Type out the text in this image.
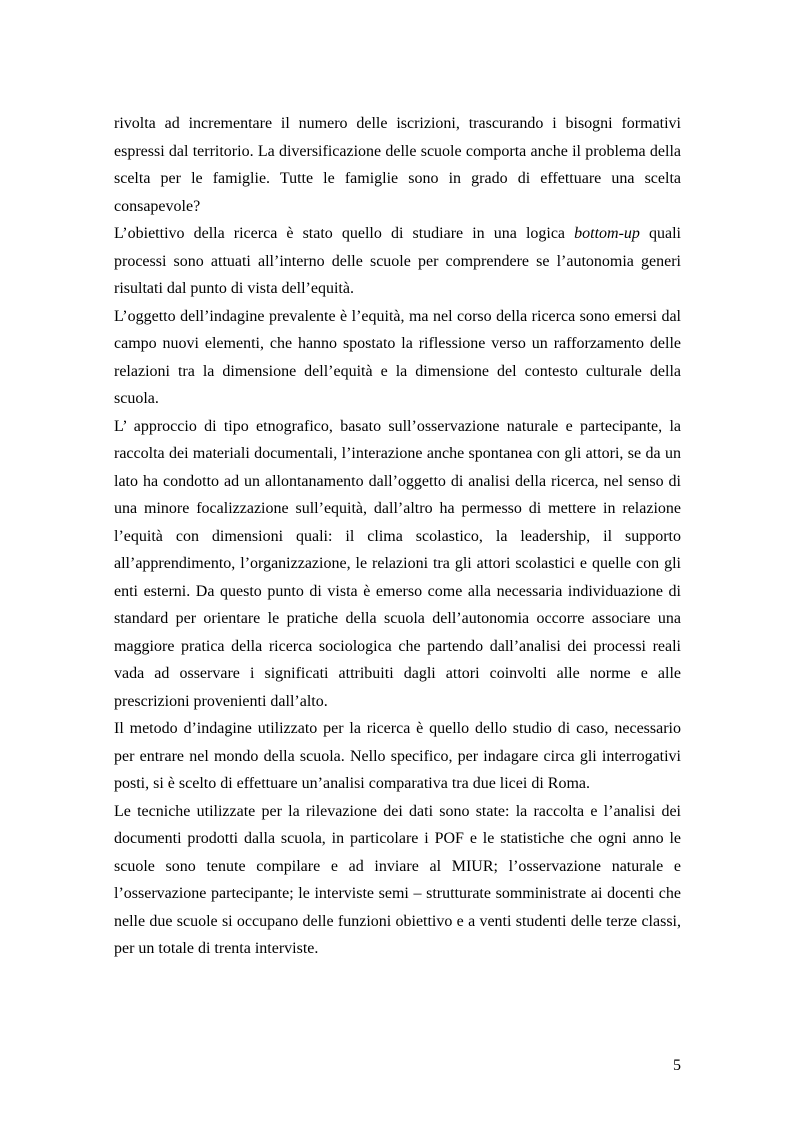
rivolta ad incrementare il numero delle iscrizioni, trascurando i bisogni formativi
espressi dal territorio. La diversificazione delle scuole comporta anche il problema della
scelta per le famiglie. Tutte le famiglie sono in grado di effettuare una scelta
consapevole?
L’obiettivo della ricerca è stato quello di studiare in una logica bottom-up quali
processi sono attuati all’interno delle scuole per comprendere se l’autonomia generi
risultati dal punto di vista dell’equità.
L’oggetto dell’indagine prevalente è l’equità, ma nel corso della ricerca sono emersi dal
campo nuovi elementi, che hanno spostato la riflessione verso un rafforzamento delle
relazioni tra la dimensione dell’equità e la dimensione del contesto culturale della
scuola.
L’ approccio di tipo etnografico, basato sull’osservazione naturale e partecipante, la
raccolta dei materiali documentali, l’interazione anche spontanea con gli attori, se da un
lato ha condotto ad un allontanamento dall’oggetto di analisi della ricerca, nel senso di
una minore focalizzazione sull’equità, dall’altro ha permesso di mettere in relazione
l’equità con dimensioni quali: il clima scolastico, la leadership, il supporto
all’apprendimento, l’organizzazione, le relazioni tra gli attori scolastici e quelle con gli
enti esterni. Da questo punto di vista è emerso come alla necessaria individuazione di
standard per orientare le pratiche della scuola dell’autonomia occorre associare una
maggiore pratica della ricerca sociologica che partendo dall’analisi dei processi reali
vada ad osservare i significati attribuiti dagli attori coinvolti alle norme e alle
prescrizioni provenienti dall’alto.
Il metodo d’indagine utilizzato per la ricerca è quello dello studio di caso, necessario
per entrare nel mondo della scuola. Nello specifico, per indagare circa gli interrogativi
posti, si è scelto di effettuare un’analisi comparativa tra due licei di Roma.
Le tecniche utilizzate per la rilevazione dei dati sono state: la raccolta e l’analisi dei
documenti prodotti dalla scuola, in particolare i POF e le statistiche che ogni anno le
scuole sono tenute compilare e ad inviare al MIUR; l’osservazione naturale e
l’osservazione partecipante; le interviste semi – strutturate somministrate ai docenti che
nelle due scuole si occupano delle funzioni obiettivo e a venti studenti delle terze classi,
per un totale di trenta interviste.
5
